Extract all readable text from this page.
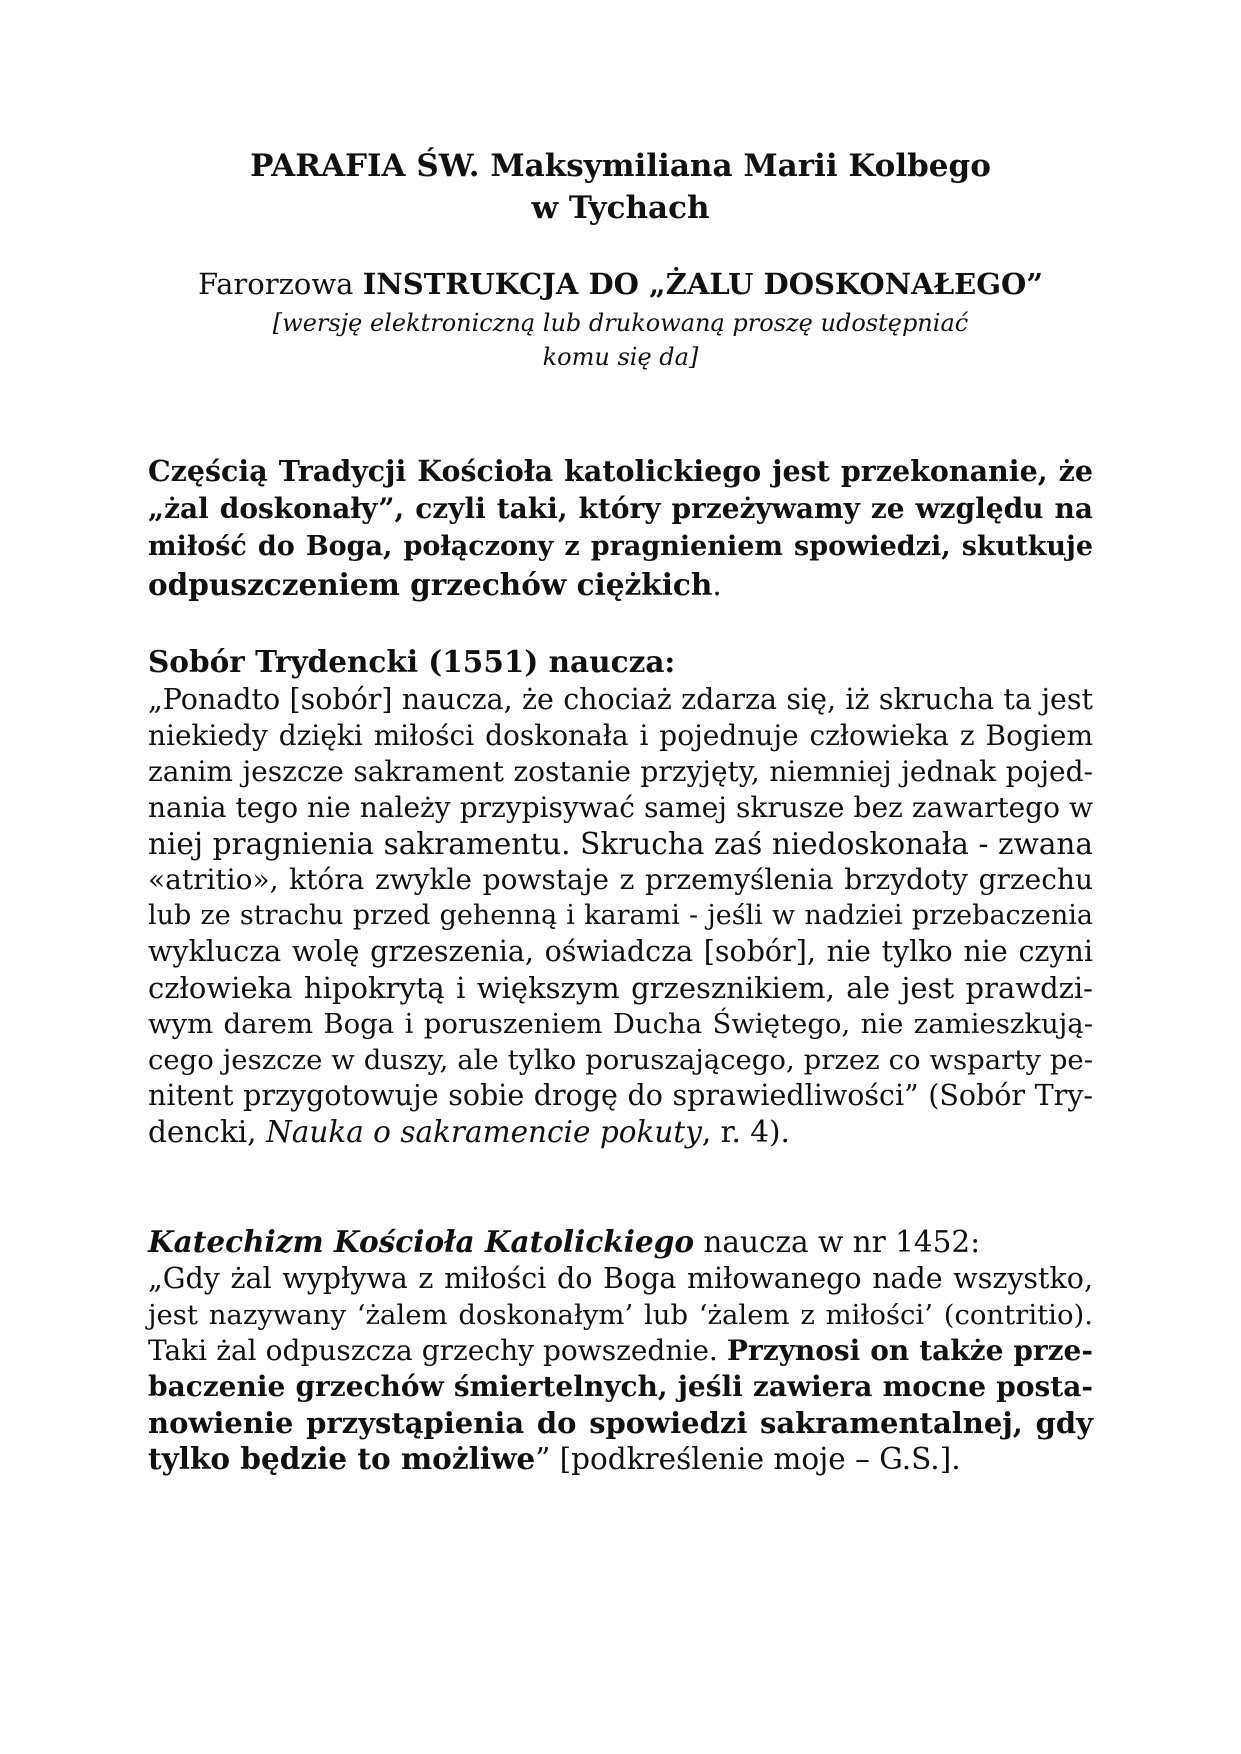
PARAFIA ŚW. Maksymiliana Marii Kolbego
w Tychach
Farorzowa INSTRUKCJA DO „ŻALU DOSKONAŁEGO”
[wersję elektroniczną lub drukowaną proszę udostępniać
komu się da]
Częścią Tradycji Kościoła katolickiego jest przekonanie, że
„żal doskonały”, czyli taki, który przeżywamy ze względu na
miłość do Boga, połączony z pragnieniem spowiedzi, skutkuje
odpuszczeniem grzechów ciężkich.
Sobór Trydencki (1551) naucza:
„Ponadto [sobór] naucza, że chociaż zdarza się, iż skrucha ta jest
niekiedy dzięki miłości doskonała i pojednuje człowieka z Bogiem
zanim jeszcze sakrament zostanie przyjęty, niemniej jednak pojed-
nania tego nie należy przypisywać samej skrusze bez zawartego w
niej pragnienia sakramentu. Skrucha zaś niedoskonała - zwana
«atritio», która zwykle powstaje z przemyślenia brzydoty grzechu
lub ze strachu przed gehenną i karami - jeśli w nadziei przebaczenia
wyklucza wolę grzeszenia, oświadcza [sobór], nie tylko nie czyni
człowieka hipokrytą i większym grzesznikiem, ale jest prawdzi-
wym darem Boga i poruszeniem Ducha Świętego, nie zamieszkują-
cego jeszcze w duszy, ale tylko poruszającego, przez co wsparty pe-
nitent przygotowuje sobie drogę do sprawiedliwości” (Sobór Try-
dencki, Nauka o sakramencie pokuty, r. 4).
Katechizm Kościoła Katolickiego naucza w nr 1452:
„Gdy żal wypływa z miłości do Boga miłowanego nade wszystko,
jest nazywany ‘żalem doskonałym’ lub ‘żalem z miłości’ (contritio).
Taki żal odpuszcza grzechy powszednie. Przynosi on także prze-
baczenie grzechów śmiertelnych, jeśli zawiera mocne posta-
nowienie przystąpienia do spowiedzi sakramentalnej, gdy
tylko będzie to możliwe” [podkreślenie moje – G.S.].
